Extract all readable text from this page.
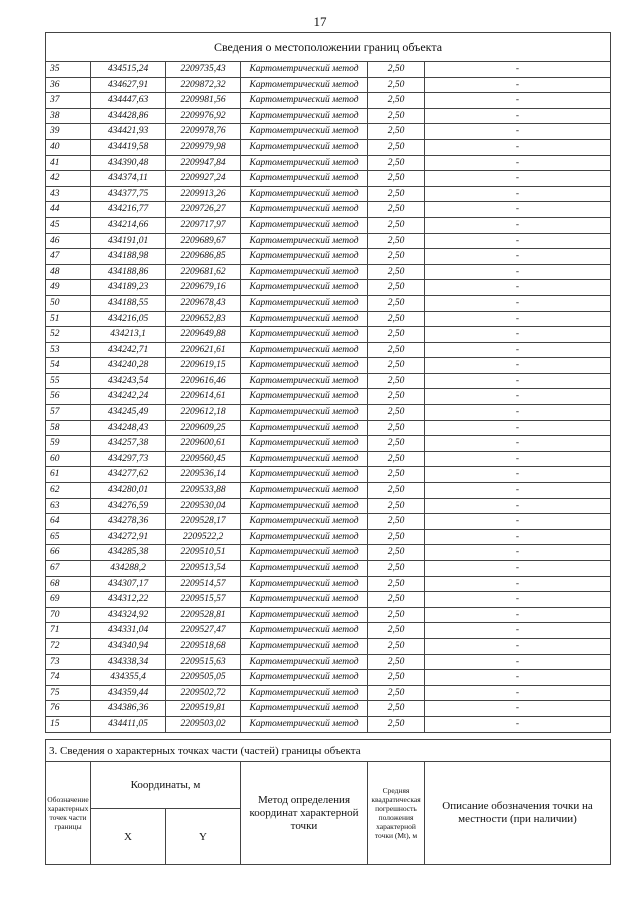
17
Сведения о местоположении границ объекта					
35	434515,24	2209735,43	Картометрический метод	2,50	-
36	434627,91	2209872,32	Картометрический метод	2,50	-
37	434447,63	2209981,56	Картометрический метод	2,50	-
38	434428,86	2209976,92	Картометрический метод	2,50	-
39	434421,93	2209978,76	Картометрический метод	2,50	-
40	434419,58	2209979,98	Картометрический метод	2,50	-
41	434390,48	2209947,84	Картометрический метод	2,50	-
42	434374,11	2209927,24	Картометрический метод	2,50	-
43	434377,75	2209913,26	Картометрический метод	2,50	-
44	434216,77	2209726,27	Картометрический метод	2,50	-
45	434214,66	2209717,97	Картометрический метод	2,50	-
46	434191,01	2209689,67	Картометрический метод	2,50	-
47	434188,98	2209686,85	Картометрический метод	2,50	-
48	434188,86	2209681,62	Картометрический метод	2,50	-
49	434189,23	2209679,16	Картометрический метод	2,50	-
50	434188,55	2209678,43	Картометрический метод	2,50	-
51	434216,05	2209652,83	Картометрический метод	2,50	-
52	434213,1	2209649,88	Картометрический метод	2,50	-
53	434242,71	2209621,61	Картометрический метод	2,50	-
54	434240,28	2209619,15	Картометрический метод	2,50	-
55	434243,54	2209616,46	Картометрический метод	2,50	-
56	434242,24	2209614,61	Картометрический метод	2,50	-
57	434245,49	2209612,18	Картометрический метод	2,50	-
58	434248,43	2209609,25	Картометрический метод	2,50	-
59	434257,38	2209600,61	Картометрический метод	2,50	-
60	434297,73	2209560,45	Картометрический метод	2,50	-
61	434277,62	2209536,14	Картометрический метод	2,50	-
62	434280,01	2209533,88	Картометрический метод	2,50	-
63	434276,59	2209530,04	Картометрический метод	2,50	-
64	434278,36	2209528,17	Картометрический метод	2,50	-
65	434272,91	2209522,2	Картометрический метод	2,50	-
66	434285,38	2209510,51	Картометрический метод	2,50	-
67	434288,2	2209513,54	Картометрический метод	2,50	-
68	434307,17	2209514,57	Картометрический метод	2,50	-
69	434312,22	2209515,57	Картометрический метод	2,50	-
70	434324,92	2209528,81	Картометрический метод	2,50	-
71	434331,04	2209527,47	Картометрический метод	2,50	-
72	434340,94	2209518,68	Картометрический метод	2,50	-
73	434338,34	2209515,63	Картометрический метод	2,50	-
74	434355,4	2209505,05	Картометрический метод	2,50	-
75	434359,44	2209502,72	Картометрический метод	2,50	-
76	434386,36	2209519,81	Картометрический метод	2,50	-
15	434411,05	2209503,02	Картометрический метод	2,50	-
3. Сведения о характерных точках части (частей) границы объекта					
Обозначение характерных точек части границы	Координаты, м		Метод определения координат характерной точки	Средняя квадратическая погрешность положения характерной точки (Mt), м	Описание обозначения точки на местности (при наличии)
	X	Y			
